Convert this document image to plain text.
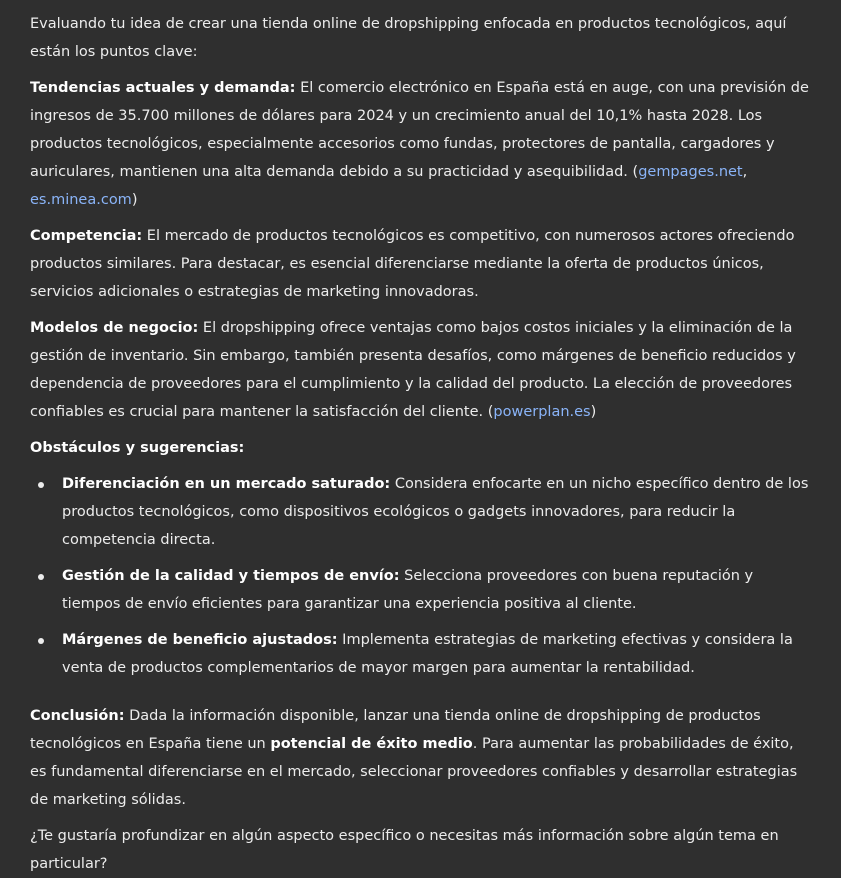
Evaluando tu idea de crear una tienda online de dropshipping enfocada en productos tecnológicos, aquí están los puntos clave:

Tendencias actuales y demanda: El comercio electrónico en España está en auge, con una previsión de ingresos de 35.700 millones de dólares para 2024 y un crecimiento anual del 10,1% hasta 2028. Los productos tecnológicos, especialmente accesorios como fundas, protectores de pantalla, cargadores y auriculares, mantienen una alta demanda debido a su practicidad y asequibilidad. (gempages.net, es.minea.com)

Competencia: El mercado de productos tecnológicos es competitivo, con numerosos actores ofreciendo productos similares. Para destacar, es esencial diferenciarse mediante la oferta de productos únicos, servicios adicionales o estrategias de marketing innovadoras.

Modelos de negocio: El dropshipping ofrece ventajas como bajos costos iniciales y la eliminación de la gestión de inventario. Sin embargo, también presenta desafíos, como márgenes de beneficio reducidos y dependencia de proveedores para el cumplimiento y la calidad del producto. La elección de proveedores confiables es crucial para mantener la satisfacción del cliente. (powerplan.es)

Obstáculos y sugerencias:

Diferenciación en un mercado saturado: Considera enfocarte en un nicho específico dentro de los productos tecnológicos, como dispositivos ecológicos o gadgets innovadores, para reducir la competencia directa.
Gestión de la calidad y tiempos de envío: Selecciona proveedores con buena reputación y tiempos de envío eficientes para garantizar una experiencia positiva al cliente.
Márgenes de beneficio ajustados: Implementa estrategias de marketing efectivas y considera la venta de productos complementarios de mayor margen para aumentar la rentabilidad.

Conclusión: Dada la información disponible, lanzar una tienda online de dropshipping de productos tecnológicos en España tiene un potencial de éxito medio. Para aumentar las probabilidades de éxito, es fundamental diferenciarse en el mercado, seleccionar proveedores confiables y desarrollar estrategias de marketing sólidas.

¿Te gustaría profundizar en algún aspecto específico o necesitas más información sobre algún tema en particular?
